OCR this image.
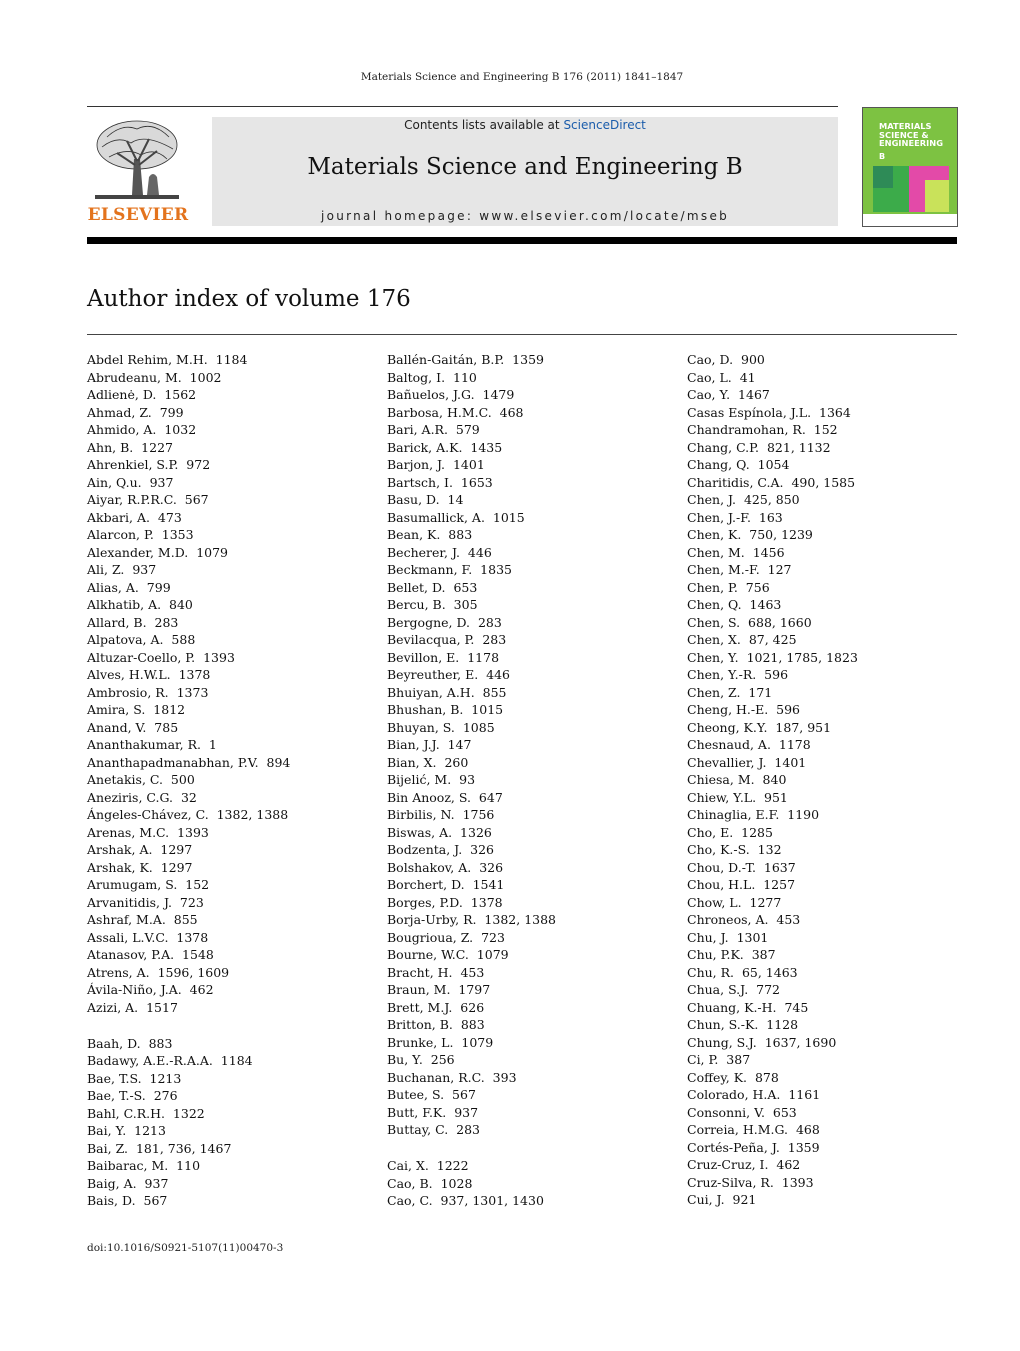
Materials Science and Engineering B 176 (2011) 1841–1847
ELSEVIER
Contents lists available at ScienceDirect
Materials Science and Engineering B
journal homepage: www.elsevier.com/locate/mseb
MATERIALS SCIENCE & ENGINEERING
B
Author index of volume 176
Abdel Rehim, M.H.  1184
Abrudeanu, M.  1002
Adlienė, D.  1562
Ahmad, Z.  799
Ahmido, A.  1032
Ahn, B.  1227
Ahrenkiel, S.P.  972
Ain, Q.u.  937
Aiyar, R.P.R.C.  567
Akbari, A.  473
Alarcon, P.  1353
Alexander, M.D.  1079
Ali, Z.  937
Alias, A.  799
Alkhatib, A.  840
Allard, B.  283
Alpatova, A.  588
Altuzar-Coello, P.  1393
Alves, H.W.L.  1378
Ambrosio, R.  1373
Amira, S.  1812
Anand, V.  785
Ananthakumar, R.  1
Ananthapadmanabhan, P.V.  894
Anetakis, C.  500
Aneziris, C.G.  32
Ángeles-Chávez, C.  1382, 1388
Arenas, M.C.  1393
Arshak, A.  1297
Arshak, K.  1297
Arumugam, S.  152
Arvanitidis, J.  723
Ashraf, M.A.  855
Assali, L.V.C.  1378
Atanasov, P.A.  1548
Atrens, A.  1596, 1609
Ávila-Niño, J.A.  462
Azizi, A.  1517
Baah, D.  883
Badawy, A.E.-R.A.A.  1184
Bae, T.S.  1213
Bae, T.-S.  276
Bahl, C.R.H.  1322
Bai, Y.  1213
Bai, Z.  181, 736, 1467
Baibarac, M.  110
Baig, A.  937
Bais, D.  567
Ballén-Gaitán, B.P.  1359
Baltog, I.  110
Bañuelos, J.G.  1479
Barbosa, H.M.C.  468
Bari, A.R.  579
Barick, A.K.  1435
Barjon, J.  1401
Bartsch, I.  1653
Basu, D.  14
Basumallick, A.  1015
Bean, K.  883
Becherer, J.  446
Beckmann, F.  1835
Bellet, D.  653
Bercu, B.  305
Bergogne, D.  283
Bevilacqua, P.  283
Bevillon, E.  1178
Beyreuther, E.  446
Bhuiyan, A.H.  855
Bhushan, B.  1015
Bhuyan, S.  1085
Bian, J.J.  147
Bian, X.  260
Bijelić, M.  93
Bin Anooz, S.  647
Birbilis, N.  1756
Biswas, A.  1326
Bodzenta, J.  326
Bolshakov, A.  326
Borchert, D.  1541
Borges, P.D.  1378
Borja-Urby, R.  1382, 1388
Bougrioua, Z.  723
Bourne, W.C.  1079
Bracht, H.  453
Braun, M.  1797
Brett, M.J.  626
Britton, B.  883
Brunke, L.  1079
Bu, Y.  256
Buchanan, R.C.  393
Butee, S.  567
Butt, F.K.  937
Buttay, C.  283
Cai, X.  1222
Cao, B.  1028
Cao, C.  937, 1301, 1430
Cao, D.  900
Cao, L.  41
Cao, Y.  1467
Casas Espínola, J.L.  1364
Chandramohan, R.  152
Chang, C.P.  821, 1132
Chang, Q.  1054
Charitidis, C.A.  490, 1585
Chen, J.  425, 850
Chen, J.-F.  163
Chen, K.  750, 1239
Chen, M.  1456
Chen, M.-F.  127
Chen, P.  756
Chen, Q.  1463
Chen, S.  688, 1660
Chen, X.  87, 425
Chen, Y.  1021, 1785, 1823
Chen, Y.-R.  596
Chen, Z.  171
Cheng, H.-E.  596
Cheong, K.Y.  187, 951
Chesnaud, A.  1178
Chevallier, J.  1401
Chiesa, M.  840
Chiew, Y.L.  951
Chinaglia, E.F.  1190
Cho, E.  1285
Cho, K.-S.  132
Chou, D.-T.  1637
Chou, H.L.  1257
Chow, L.  1277
Chroneos, A.  453
Chu, J.  1301
Chu, P.K.  387
Chu, R.  65, 1463
Chua, S.J.  772
Chuang, K.-H.  745
Chun, S.-K.  1128
Chung, S.J.  1637, 1690
Ci, P.  387
Coffey, K.  878
Colorado, H.A.  1161
Consonni, V.  653
Correia, H.M.G.  468
Cortés-Peña, J.  1359
Cruz-Cruz, I.  462
Cruz-Silva, R.  1393
Cui, J.  921
doi:10.1016/S0921-5107(11)00470-3
